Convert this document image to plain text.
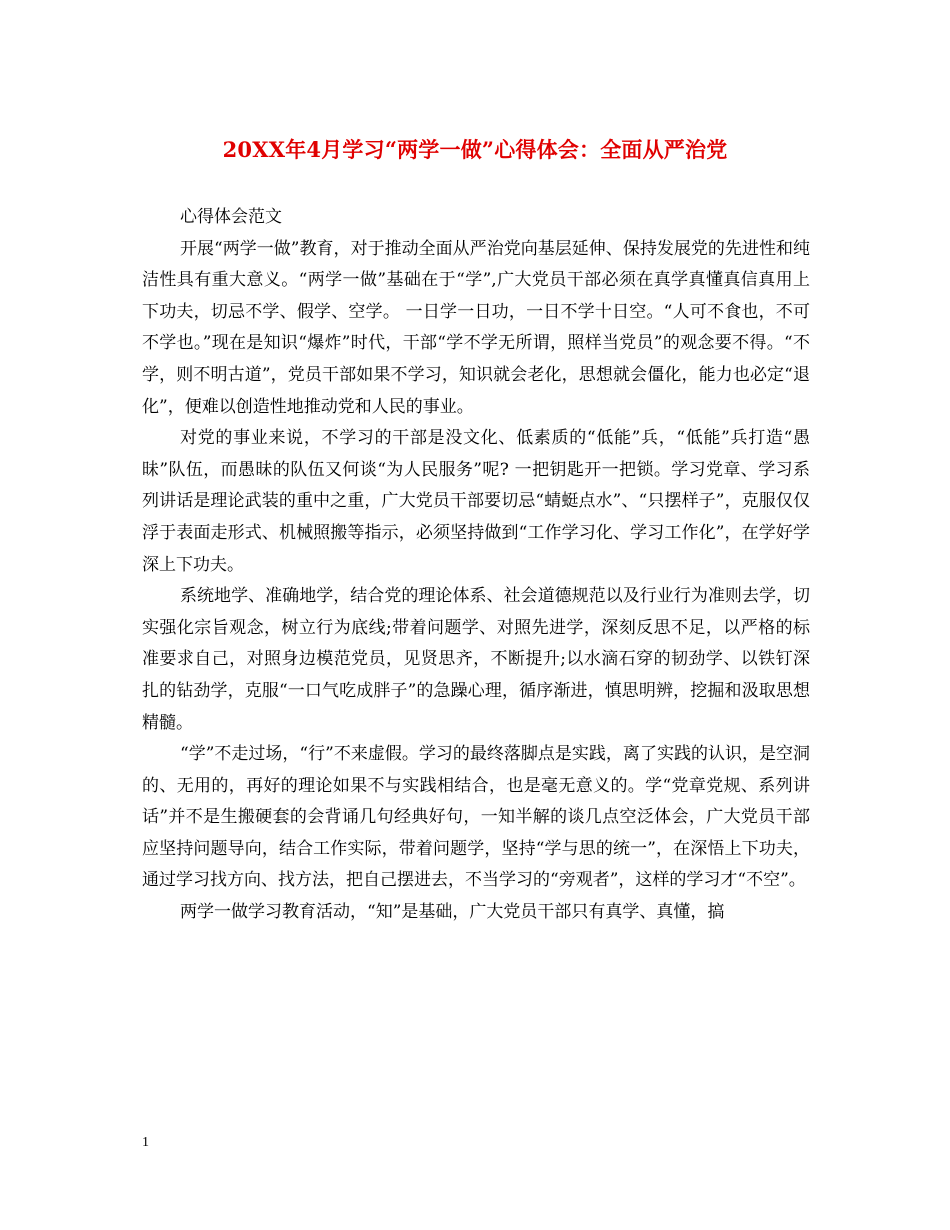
20XX年4月学习“两学一做”心得体会：全面从严治党

心得体会范文

开展“两学一做”教育，对于推动全面从严治党向基层延伸、保持发展党的先进性和纯洁性具有重大意义。“两学一做”基础在于“学”,广大党员干部必须在真学真懂真信真用上下功夫，切忌不学、假学、空学。 一日学一日功，一日不学十日空。“人可不食也，不可不学也。”现在是知识“爆炸”时代，干部“学不学无所谓，照样当党员”的观念要不得。“不学，则不明古道”，党员干部如果不学习，知识就会老化，思想就会僵化，能力也必定“退化”，便难以创造性地推动党和人民的事业。

对党的事业来说，不学习的干部是没文化、低素质的“低能”兵，“低能”兵打造“愚昧”队伍，而愚昧的队伍又何谈“为人民服务”呢? 一把钥匙开一把锁。学习党章、学习系列讲话是理论武装的重中之重，广大党员干部要切忌“蜻蜓点水”、“只摆样子”，克服仅仅浮于表面走形式、机械照搬等指示，必须坚持做到“工作学习化、学习工作化”，在学好学深上下功夫。

系统地学、准确地学，结合党的理论体系、社会道德规范以及行业行为准则去学，切实强化宗旨观念，树立行为底线;带着问题学、对照先进学，深刻反思不足，以严格的标准要求自己，对照身边模范党员，见贤思齐，不断提升;以水滴石穿的韧劲学、以铁钉深扎的钻劲学，克服“一口气吃成胖子”的急躁心理，循序渐进，慎思明辨，挖掘和汲取思想精髓。

“学”不走过场，“行”不来虚假。学习的最终落脚点是实践，离了实践的认识，是空洞的、无用的，再好的理论如果不与实践相结合，也是毫无意义的。学“党章党规、系列讲话”并不是生搬硬套的会背诵几句经典好句，一知半解的谈几点空泛体会，广大党员干部应坚持问题导向，结合工作实际，带着问题学，坚持“学与思的统一”，在深悟上下功夫，通过学习找方向、找方法，把自己摆进去，不当学习的“旁观者”，这样的学习才“不空”。

两学一做学习教育活动，“知”是基础，广大党员干部只有真学、真懂，搞

1
